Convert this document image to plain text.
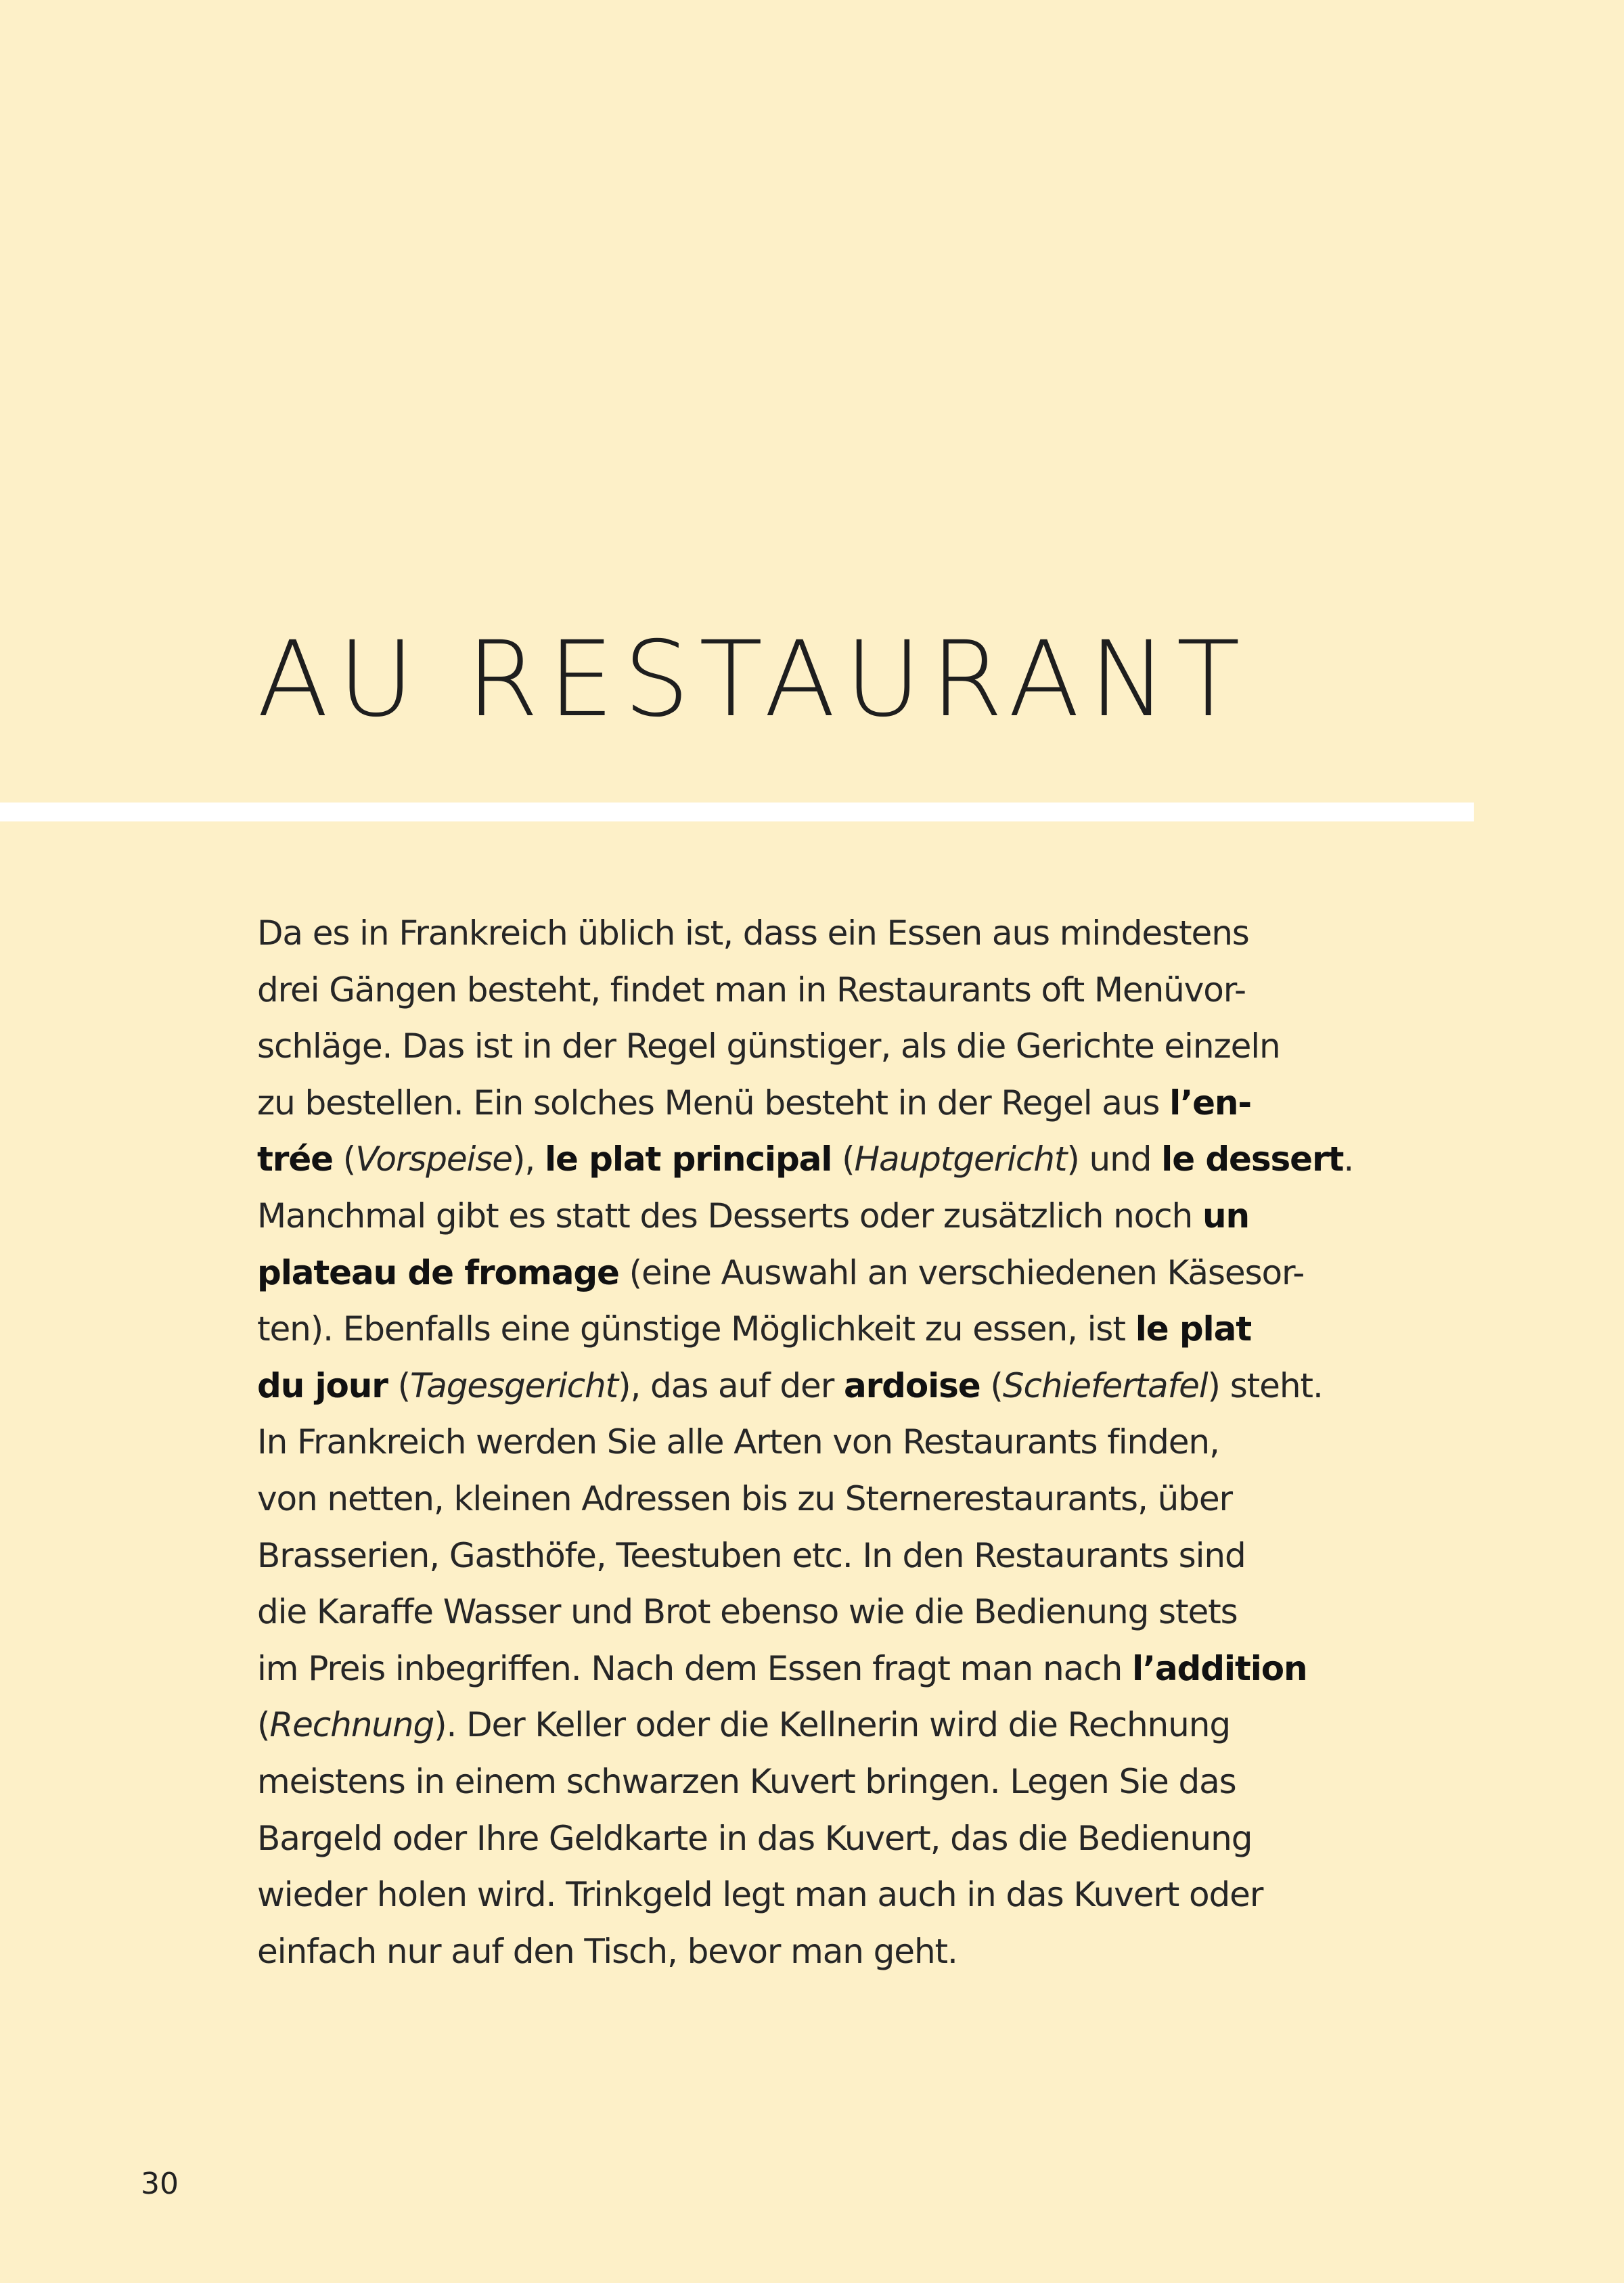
AU RESTAURANT
Da es in Frankreich üblich ist, dass ein Essen aus mindestens
drei Gängen besteht, findet man in Restaurants oft Menüvor-
schläge. Das ist in der Regel günstiger, als die Gerichte einzeln
zu bestellen. Ein solches Menü besteht in der Regel aus l’en-
trée (Vorspeise), le plat principal (Hauptgericht) und le dessert.
Manchmal gibt es statt des Desserts oder zusätzlich noch un
plateau de fromage (eine Auswahl an verschiedenen Käsesor-
ten). Ebenfalls eine günstige Möglichkeit zu essen, ist le plat
du jour (Tagesgericht), das auf der ardoise (Schiefertafel) steht.
In Frankreich werden Sie alle Arten von Restaurants finden,
von netten, kleinen Adressen bis zu Sternerestaurants, über
Brasserien, Gasthöfe, Teestuben etc. In den Restaurants sind
die Karaffe Wasser und Brot ebenso wie die Bedienung stets
im Preis inbegriffen. Nach dem Essen fragt man nach l’addition
(Rechnung). Der Keller oder die Kellnerin wird die Rechnung
meistens in einem schwarzen Kuvert bringen. Legen Sie das
Bargeld oder Ihre Geldkarte in das Kuvert, das die Bedienung
wieder holen wird. Trinkgeld legt man auch in das Kuvert oder
einfach nur auf den Tisch, bevor man geht.
30
